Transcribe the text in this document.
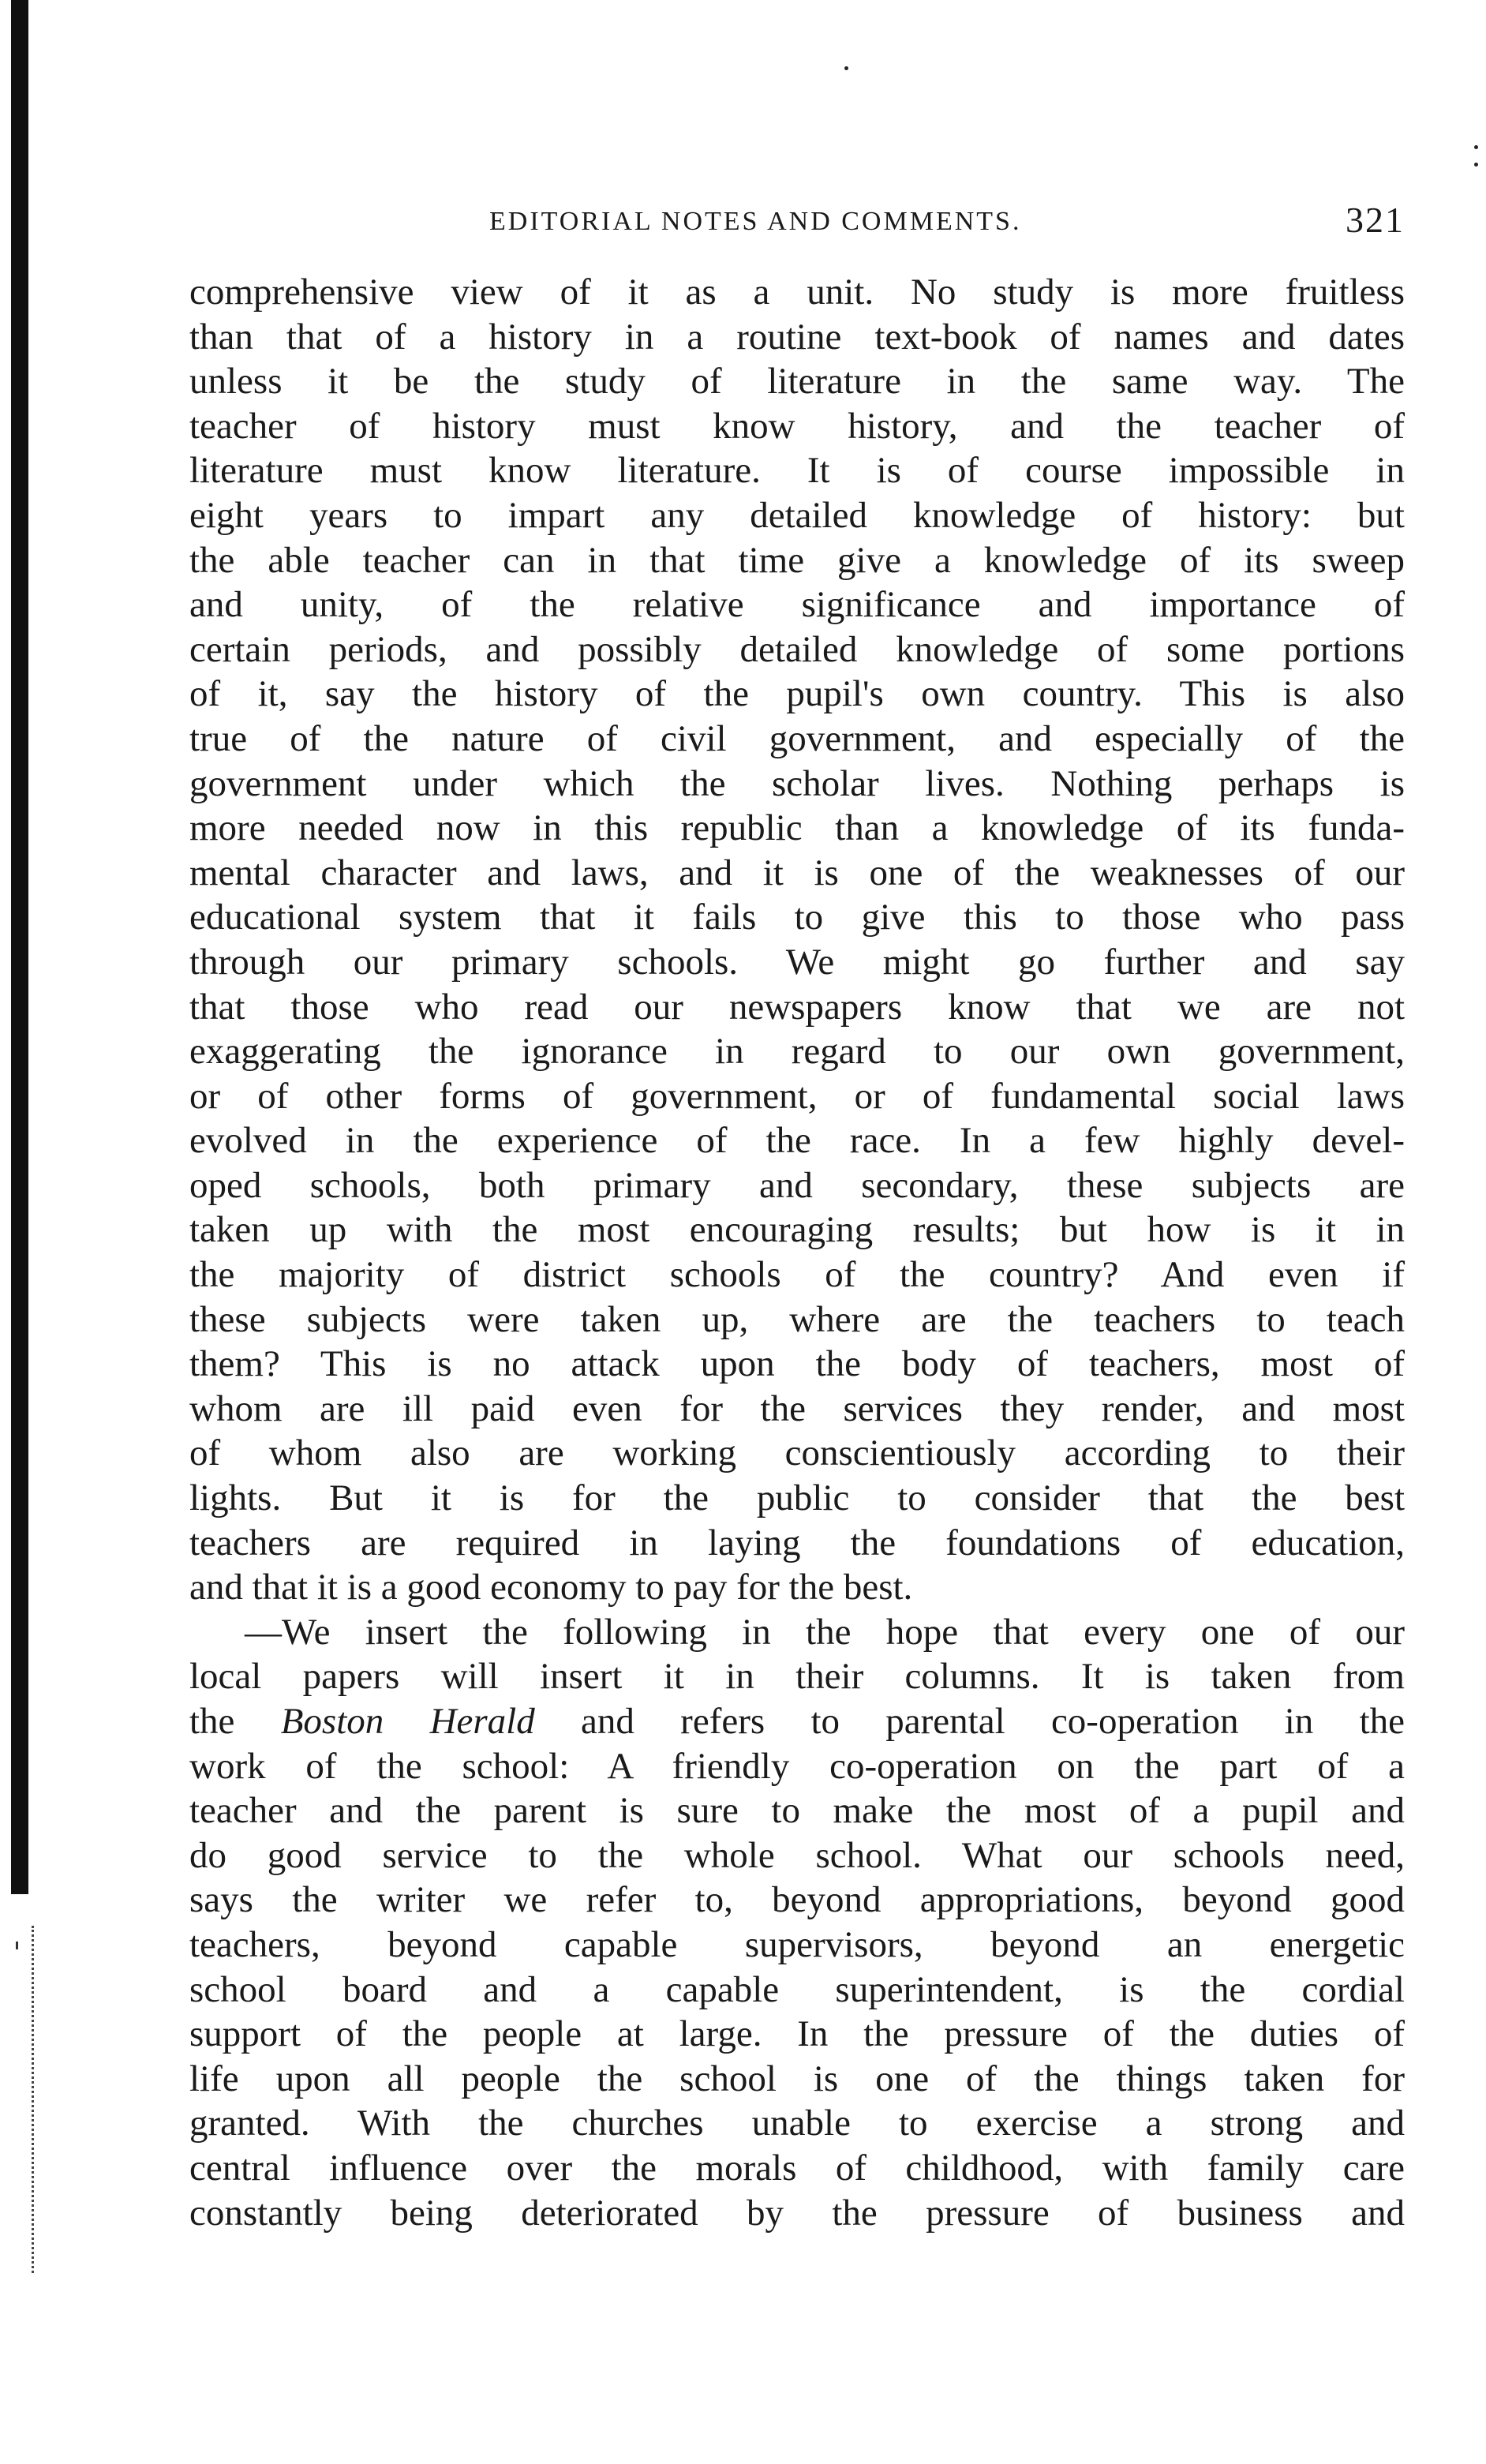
EDITORIAL NOTES AND COMMENTS.	321
comprehensive view of it as a unit. No study is more fruitless
than that of a history in a routine text-book of names and dates
unless it be the study of literature in the same way. The
teacher of history must know history, and the teacher of
literature must know literature. It is of course impossible in
eight years to impart any detailed knowledge of history: but
the able teacher can in that time give a knowledge of its sweep
and unity, of the relative significance and importance of
certain periods, and possibly detailed knowledge of some portions
of it, say the history of the pupil's own country. This is also
true of the nature of civil government, and especially of the
government under which the scholar lives. Nothing perhaps is
more needed now in this republic than a knowledge of its funda-
mental character and laws, and it is one of the weaknesses of our
educational system that it fails to give this to those who pass
through our primary schools. We might go further and say
that those who read our newspapers know that we are not
exaggerating the ignorance in regard to our own government,
or of other forms of government, or of fundamental social laws
evolved in the experience of the race. In a few highly devel-
oped schools, both primary and secondary, these subjects are
taken up with the most encouraging results; but how is it in
the majority of district schools of the country? And even if
these subjects were taken up, where are the teachers to teach
them? This is no attack upon the body of teachers, most of
whom are ill paid even for the services they render, and most
of whom also are working conscientiously according to their
lights. But it is for the public to consider that the best
teachers are required in laying the foundations of education,
and that it is a good economy to pay for the best.
—We insert the following in the hope that every one of our
local papers will insert it in their columns. It is taken from
the Boston Herald and refers to parental co-operation in the
work of the school: A friendly co-operation on the part of a
teacher and the parent is sure to make the most of a pupil and
do good service to the whole school. What our schools need,
says the writer we refer to, beyond appropriations, beyond good
teachers, beyond capable supervisors, beyond an energetic
school board and a capable superintendent, is the cordial
support of the people at large. In the pressure of the duties of
life upon all people the school is one of the things taken for
granted. With the churches unable to exercise a strong and
central influence over the morals of childhood, with family care
constantly being deteriorated by the pressure of business and
